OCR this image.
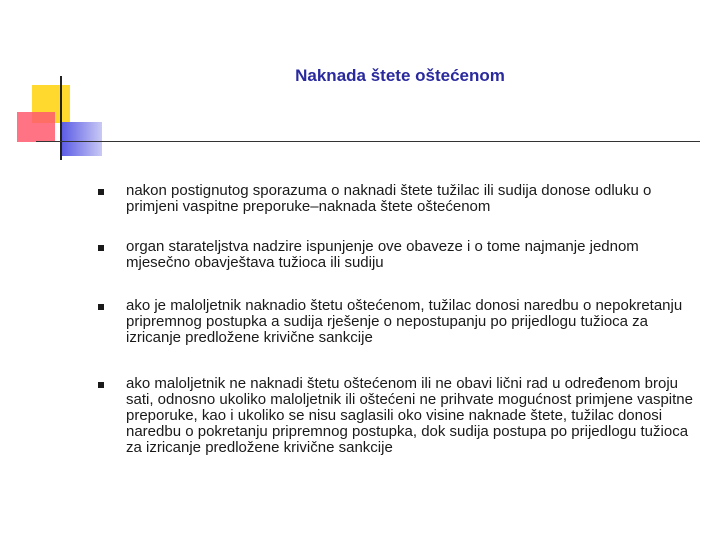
Naknada štete oštećenom
nakon postignutog sporazuma o naknadi štete tužilac ili sudija donose odluku o primjeni vaspitne preporuke–naknada štete oštećenom
organ starateljstva nadzire ispunjenje ove obaveze i o tome najmanje jednom mjesečno obavještava tužioca ili sudiju
ako je maloljetnik naknadio štetu oštećenom, tužilac donosi naredbu o nepokretanju pripremnog postupka a sudija rješenje o nepostupanju po prijedlogu tužioca za izricanje predložene krivične sankcije
ako maloljetnik ne naknadi štetu oštećenom ili ne obavi lični rad u određenom broju sati, odnosno ukoliko maloljetnik ili oštećeni ne prihvate mogućnost primjene vaspitne preporuke, kao i ukoliko se nisu saglasili oko visine naknade štete, tužilac donosi naredbu o pokretanju pripremnog postupka, dok sudija postupa po prijedlogu tužioca za izricanje predložene krivične sankcije
